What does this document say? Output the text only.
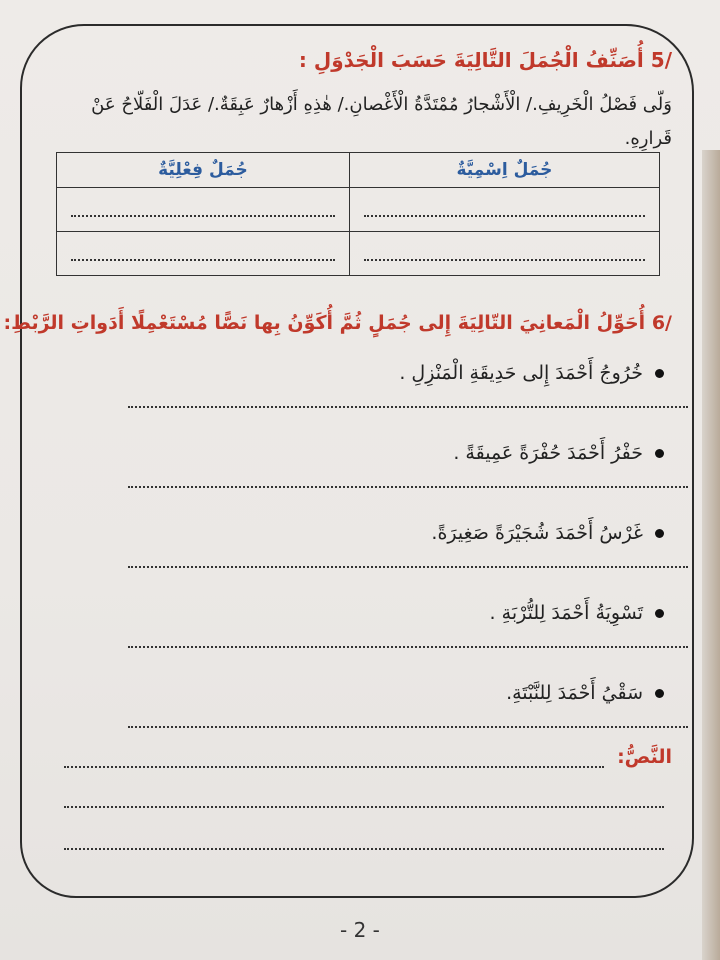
/5 أُصَنِّفُ الْجُمَلَ التَّالِيَةَ حَسَبَ الْجَدْوَلِ :
وَلّى فَصْلُ الْخَرِيفِ./ الْأَشْجارُ مُمْتَدَّةُ الْأَغْصانِ./ هٰذِهِ أَزْهارٌ عَبِقَةٌ./ عَدَلَ الْفَلّاحُ عَنْ قَرارِهِ.
جُمَلٌ اِسْمِيَّةٌ	جُمَلٌ فِعْلِيَّةٌ

/6 أُحَوِّلُ الْمَعانِيَ التّالِيَةَ إِلى جُمَلٍ ثُمَّ أُكَوِّنُ بِها نَصًّا مُسْتَعْمِلًا أَدَواتِ الرَّبْطِ:
خُرُوجُ أَحْمَدَ إِلى حَدِيقَةِ الْمَنْزِلِ .
حَفْرُ أَحْمَدَ حُفْرَةً عَمِيقَةً .
غَرْسُ أَحْمَدَ شُجَيْرَةً صَغِيرَةً.
تَسْوِيَةُ أَحْمَدَ لِلتُّرْبَةِ .
سَقْيُ أَحْمَدَ لِلنَّبْتَةِ.
النَّصُّ:
- 2 -
